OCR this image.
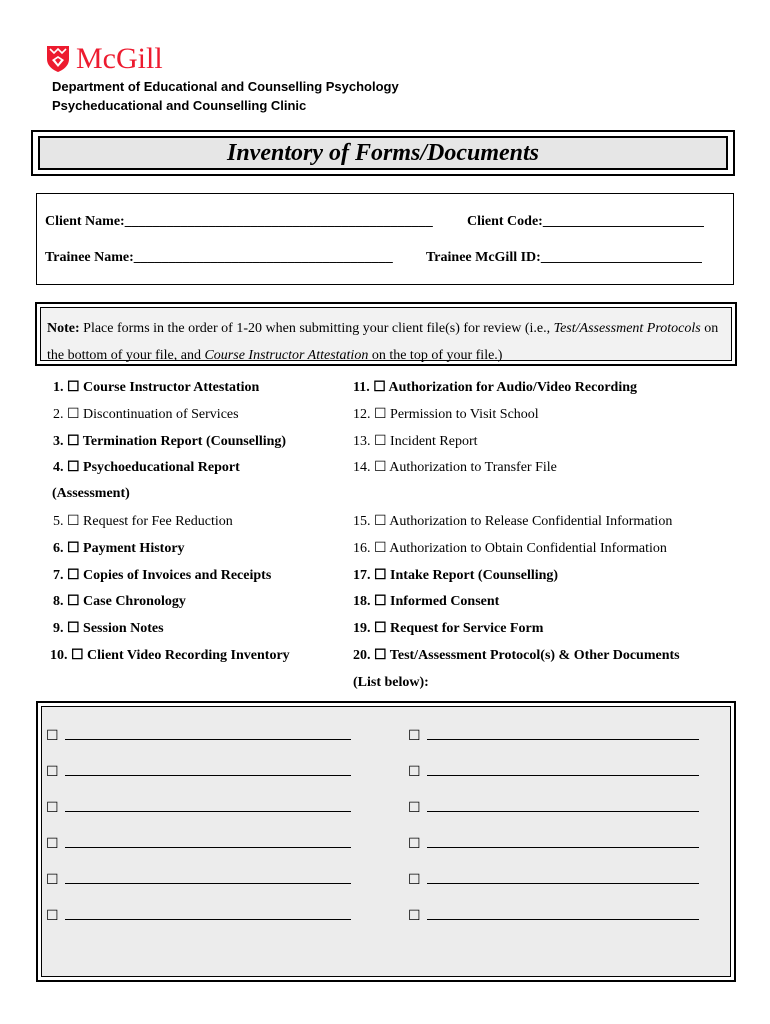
McGill
Department of Educational and Counselling Psychology
Psycheducational and Counselling Clinic
Inventory of Forms/Documents
Client Name:____________________________________________ Client Code:_______________________
Trainee Name:_____________________________________ Trainee McGill ID:_______________________
Note: Place forms in the order of 1-20 when submitting your client file(s) for review (i.e., Test/Assessment Protocols on the bottom of your file, and Course Instructor Attestation on the top of your file.)
1. ☐ Course Instructor Attestation
2. ☐ Discontinuation of Services
3. ☐ Termination Report (Counselling)
4. ☐ Psychoeducational Report
(Assessment)
5. ☐ Request for Fee Reduction
6. ☐ Payment History
7. ☐ Copies of Invoices and Receipts
8. ☐ Case Chronology
9. ☐ Session Notes
10. ☐ Client Video Recording Inventory
11. ☐ Authorization for Audio/Video Recording
12. ☐ Permission to Visit School
13. ☐ Incident Report
14. ☐ Authorization to Transfer File
15. ☐ Authorization to Release Confidential Information
16. ☐ Authorization to Obtain Confidential Information
17. ☐ Intake Report (Counselling)
18. ☐ Informed Consent
19. ☐ Request for Service Form
20. ☐ Test/Assessment Protocol(s) & Other Documents
(List below):
☐
☐
☐
☐
☐
☐
☐
☐
☐
☐
☐
☐
